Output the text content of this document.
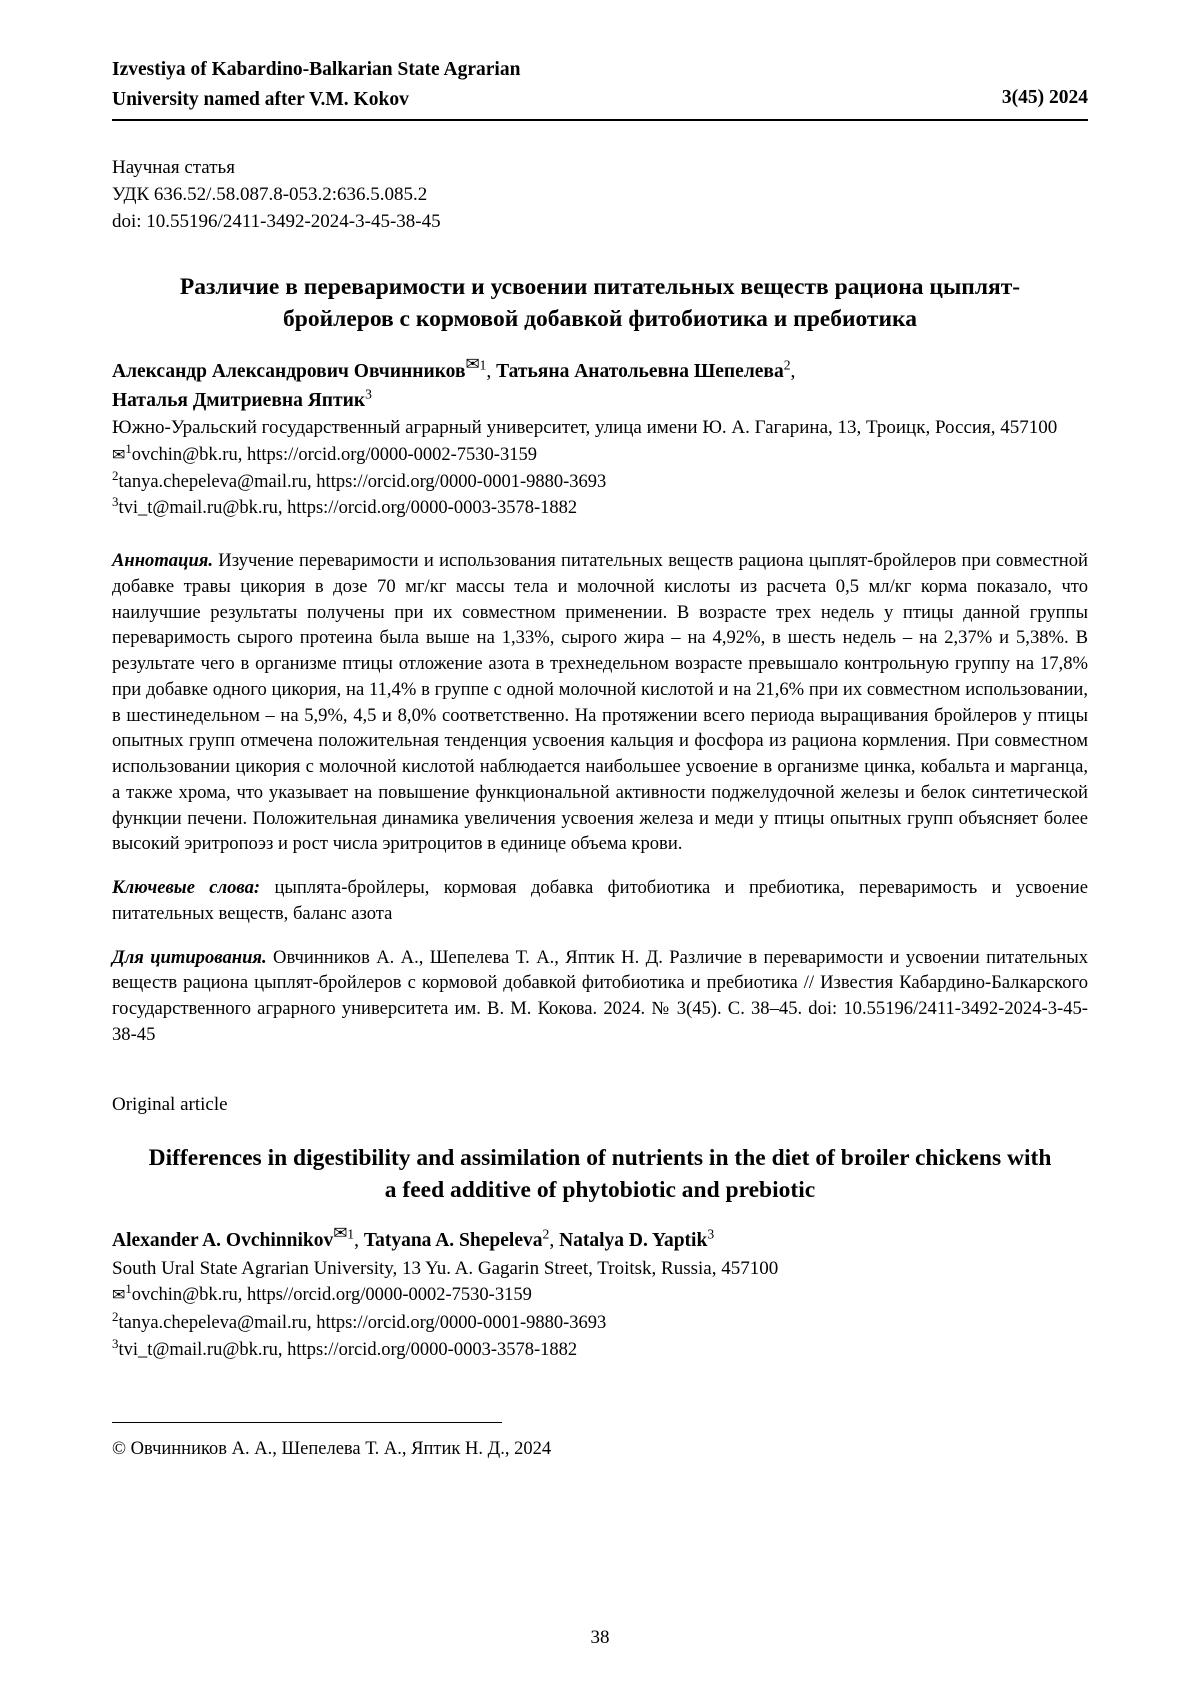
Izvestiya of Kabardino-Balkarian State Agrarian
University named after V.M. Kokov	3(45) 2024
Научная статья
УДК 636.52/.58.087.8-053.2:636.5.085.2
doi: 10.55196/2411-3492-2024-3-45-38-45
Различие в переваримости и усвоении питательных веществ рациона цыплят-бройлеров с кормовой добавкой фитобиотика и пребиотика
Александр Александрович Овчинников$^{✉1}$, Татьяна Анатольевна Шепелева$^2$,
Наталья Дмитриевна Яптик$^3$
Южно-Уральский государственный аграрный университет, улица имени Ю. А. Гагарина, 13, Троицк, Россия, 457100
✉$^1$ovchin@bk.ru, https://orcid.org/0000-0002-7530-3159
$^2$tanya.chepeleva@mail.ru, https://orcid.org/0000-0001-9880-3693
$^3$tvi_t@mail.ru@bk.ru, https://orcid.org/0000-0003-3578-1882
Аннотация. Изучение переваримости и использования питательных веществ рациона цыплят-бройлеров при совместной добавке травы цикория в дозе 70 мг/кг массы тела и молочной кислоты из расчета 0,5 мл/кг корма показало, что наилучшие результаты получены при их совместном применении. В возрасте трех недель у птицы данной группы переваримость сырого протеина была выше на 1,33%, сырого жира – на 4,92%, в шесть недель – на 2,37% и 5,38%. В результате чего в организме птицы отложение азота в трехнедельном возрасте превышало контрольную группу на 17,8% при добавке одного цикория, на 11,4% в группе с одной молочной кислотой и на 21,6% при их совместном использовании, в шестинедельном – на 5,9%, 4,5 и 8,0% соответственно. На протяжении всего периода выращивания бройлеров у птицы опытных групп отмечена положительная тенденция усвоения кальция и фосфора из рациона кормления. При совместном использовании цикория с молочной кислотой наблюдается наибольшее усвоение в организме цинка, кобальта и марганца, а также хрома, что указывает на повышение функциональной активности поджелудочной железы и белок синтетической функции печени. Положительная динамика увеличения усвоения железа и меди у птицы опытных групп объясняет более высокий эритропоэз и рост числа эритроцитов в единице объема крови.
Ключевые слова: цыплята-бройлеры, кормовая добавка фитобиотика и пребиотика, переваримость и усвоение питательных веществ, баланс азота
Для цитирования. Овчинников А. А., Шепелева Т. А., Яптик Н. Д. Различие в переваримости и усвоении питательных веществ рациона цыплят-бройлеров с кормовой добавкой фитобиотика и пребиотика // Известия Кабардино-Балкарского государственного аграрного университета им. В. М. Кокова. 2024. № 3(45). С. 38–45. doi: 10.55196/2411-3492-2024-3-45-38-45
Original article
Differences in digestibility and assimilation of nutrients in the diet of broiler chickens with a feed additive of phytobiotic and prebiotic
Alexander A. Ovchinnikov$^{✉1}$, Tatyana A. Shepeleva$^2$, Natalya D. Yaptik$^3$
South Ural State Agrarian University, 13 Yu. A. Gagarin Street, Troitsk, Russia, 457100
✉$^1$ovchin@bk.ru, https//orcid.org/0000-0002-7530-3159
$^2$tanya.chepeleva@mail.ru, https://orcid.org/0000-0001-9880-3693
$^3$tvi_t@mail.ru@bk.ru, https://orcid.org/0000-0003-3578-1882
© Овчинников А. А., Шепелева Т. А., Яптик Н. Д., 2024
38
